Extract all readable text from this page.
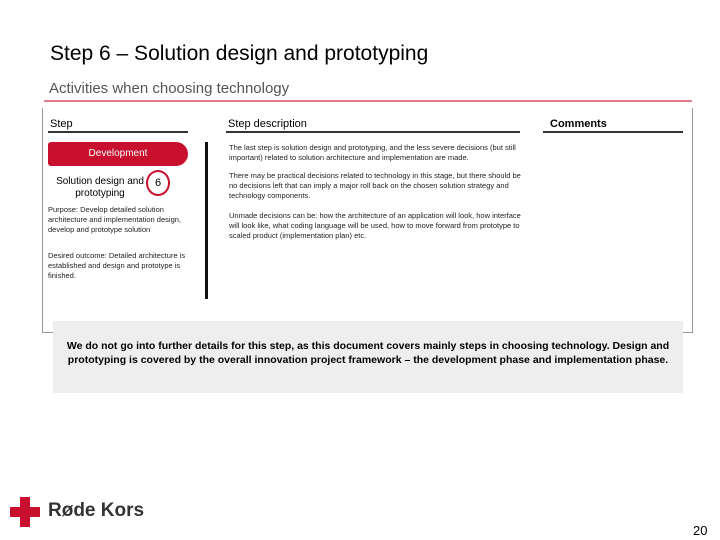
Step 6 – Solution design and prototyping
Activities when choosing technology
Step	Step description	Comments
Development
Solution design and prototyping
6
Purpose: Develop detailed solution architecture and implementation design, develop and prototype solution
Desired outcome: Detailed architecture is established and design and prototype is finished.
The last step is solution design and prototyping, and the less severe decisions (but still important) related to solution architecture and implementation are made.
There may be practical decisions related to technology in this stage, but there should be no decisions left that can imply a major roll back on the chosen solution strategy and technology components.
Unmade decisions can be: how the architecture of an application will look, how interface will look like, what coding language will be used, how to move forward from prototype to scaled product (implementation plan) etc.
We do not go into further details for this step, as this document covers mainly steps in choosing technology. Design and prototyping is covered by the overall innovation project framework – the development phase and implementation phase.
Røde Kors
20
